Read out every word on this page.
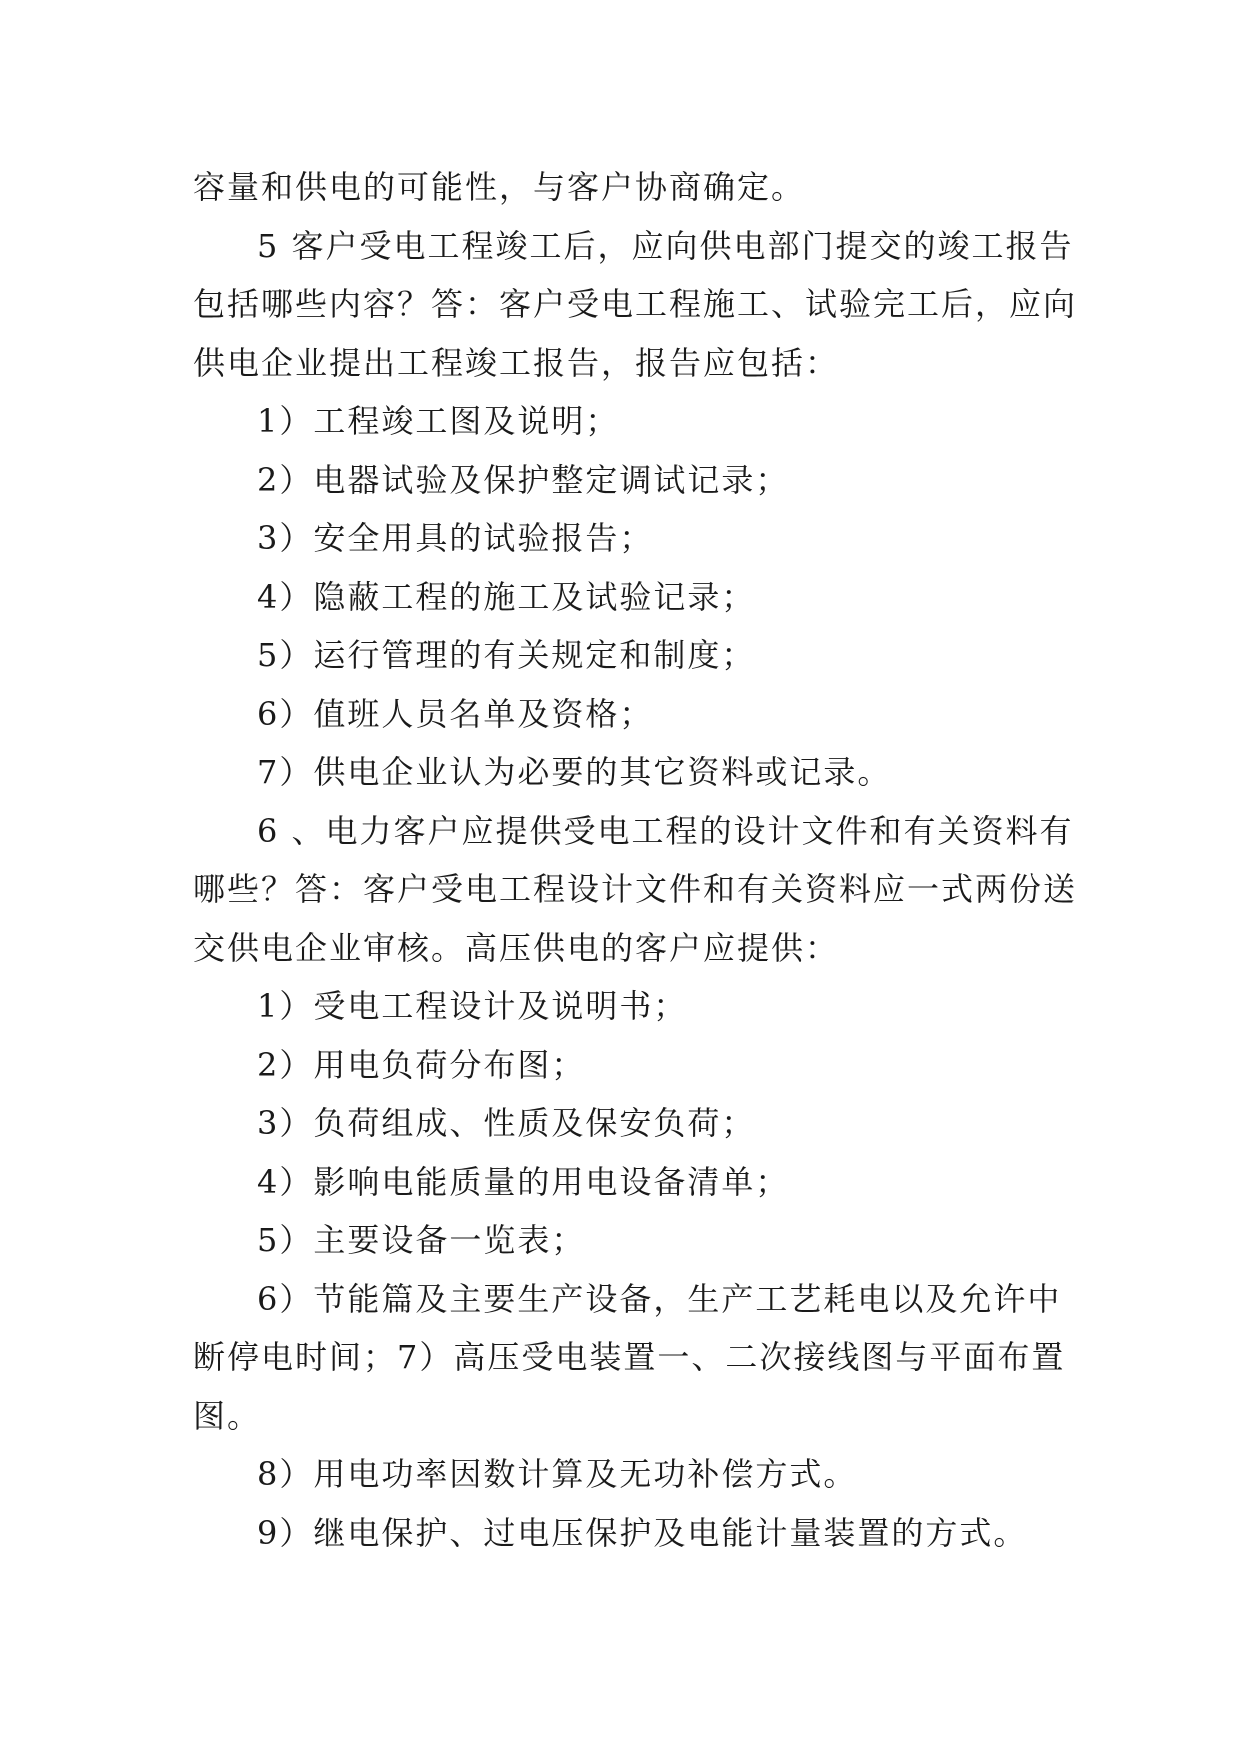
容量和供电的可能性，与客户协商确定。
5 客户受电工程竣工后，应向供电部门提交的竣工报告
包括哪些内容？答：客户受电工程施工、试验完工后，应向
供电企业提出工程竣工报告，报告应包括：
1）工程竣工图及说明；
2）电器试验及保护整定调试记录；
3）安全用具的试验报告；
4）隐蔽工程的施工及试验记录；
5）运行管理的有关规定和制度；
6）值班人员名单及资格；
7）供电企业认为必要的其它资料或记录。
6 、电力客户应提供受电工程的设计文件和有关资料有
哪些？答：客户受电工程设计文件和有关资料应一式两份送
交供电企业审核。高压供电的客户应提供：
1）受电工程设计及说明书；
2）用电负荷分布图；
3）负荷组成、性质及保安负荷；
4）影响电能质量的用电设备清单；
5）主要设备一览表；
6）节能篇及主要生产设备，生产工艺耗电以及允许中
断停电时间；7）高压受电装置一、二次接线图与平面布置
图。
8）用电功率因数计算及无功补偿方式。
9）继电保护、过电压保护及电能计量装置的方式。
